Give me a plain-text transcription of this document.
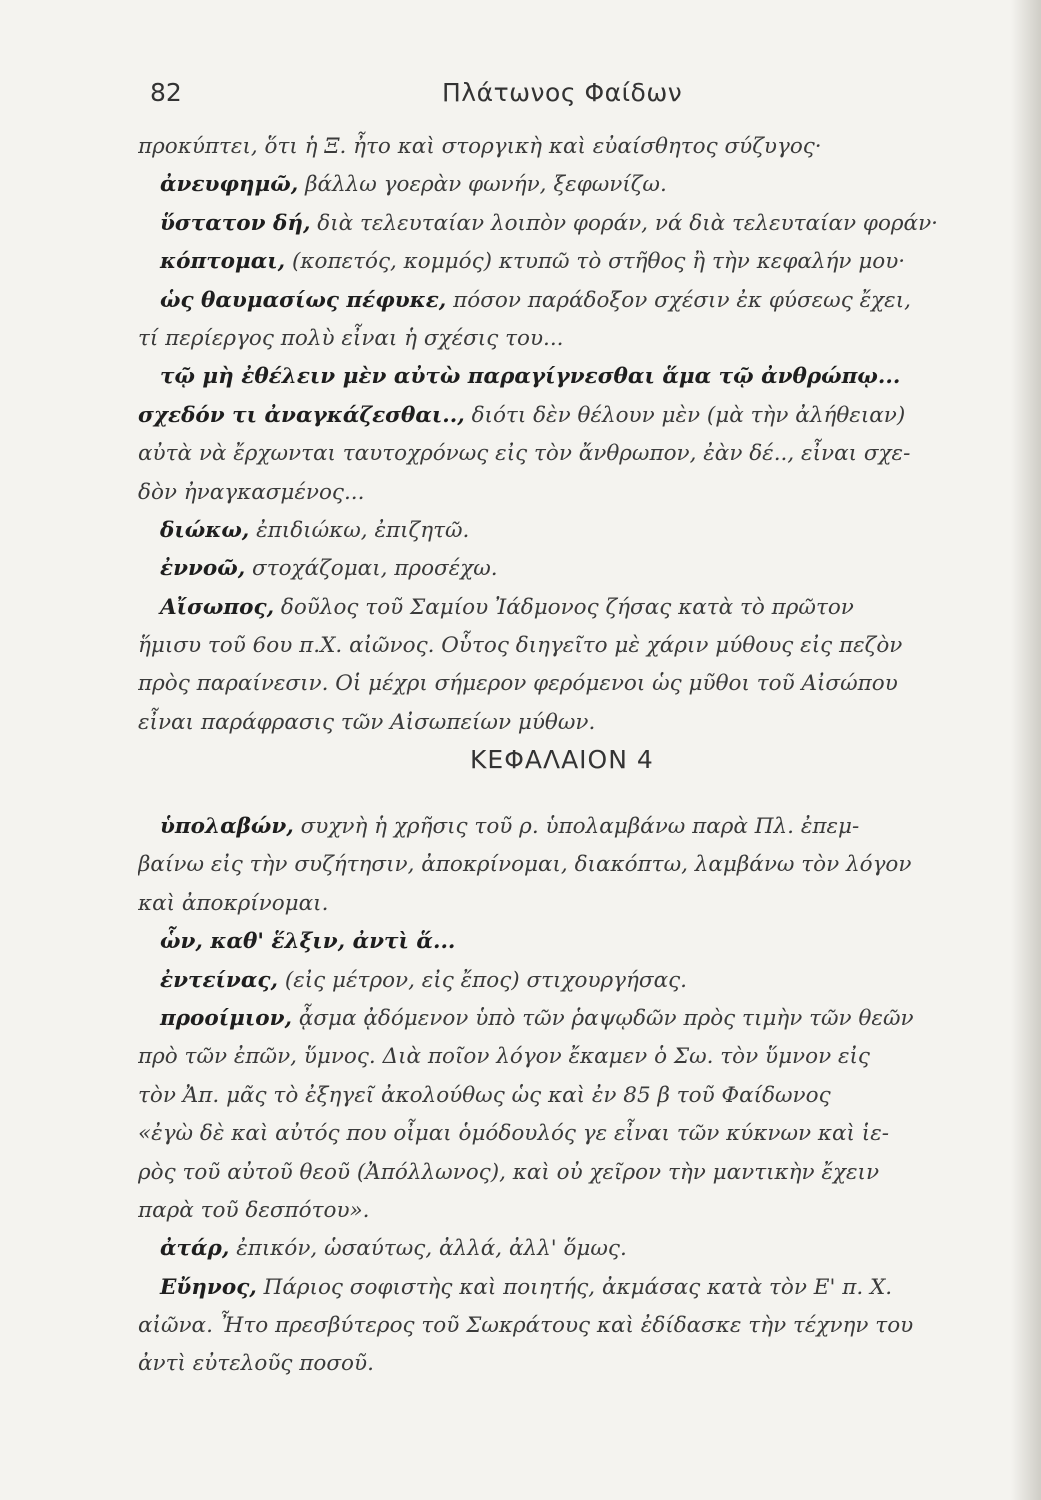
82	Πλάτωνος Φαίδων
προκύπτει, ὅτι ἡ Ξ. ἦτο καὶ στοργικὴ καὶ εὐαίσθητος σύζυγος·
ἀνευφημῶ, βάλλω γοερὰν φωνήν, ξεφωνίζω.
ὕστατον δή, διὰ τελευταίαν λοιπὸν φοράν, νά διὰ τελευταίαν φοράν·
κόπτομαι, (κοπετός, κομμός) κτυπῶ τὸ στῆθος ἢ τὴν κεφαλήν μου·
ὡς θαυμασίως πέφυκε, πόσον παράδοξον σχέσιν ἐκ φύσεως ἔχει,
τί περίεργος πολὺ εἶναι ἡ σχέσις του...
τῷ μὴ ἐθέλειν μὲν αὐτὼ παραγίγνεσθαι ἅμα τῷ ἀνθρώπῳ...
σχεδόν τι ἀναγκάζεσθαι.., διότι δὲν θέλουν μὲν (μὰ τὴν ἀλήθειαν)
αὐτὰ νὰ ἔρχωνται ταυτοχρόνως εἰς τὸν ἄνθρωπον, ἐὰν δέ.., εἶναι σχε-
δὸν ἠναγκασμένος...
διώκω, ἐπιδιώκω, ἐπιζητῶ.
ἐννοῶ, στοχάζομαι, προσέχω.
Αἴσωπος, δοῦλος τοῦ Σαμίου Ἰάδμονος ζήσας κατὰ τὸ πρῶτον
ἥμισυ τοῦ 6ου π.Χ. αἰῶνος. Οὗτος διηγεῖτο μὲ χάριν μύθους εἰς πεζὸν
πρὸς παραίνεσιν. Οἱ μέχρι σήμερον φερόμενοι ὡς μῦθοι τοῦ Αἰσώπου
εἶναι παράφρασις τῶν Αἰσωπείων μύθων.
ΚΕΦΑΛΑΙΟΝ 4
ὑπολαβών, συχνὴ ἡ χρῆσις τοῦ ρ. ὑπολαμβάνω παρὰ Πλ. ἐπεμ-
βαίνω εἰς τὴν συζήτησιν, ἀποκρίνομαι, διακόπτω, λαμβάνω τὸν λόγον
καὶ ἀποκρίνομαι.
ὧν, καθ' ἕλξιν, ἀντὶ ἅ...
ἐντείνας, (εἰς μέτρον, εἰς ἔπος) στιχουργήσας.
προοίμιον, ᾆσμα ᾀδόμενον ὑπὸ τῶν ῥαψῳδῶν πρὸς τιμὴν τῶν θεῶν
πρὸ τῶν ἐπῶν, ὕμνος. Διὰ ποῖον λόγον ἔκαμεν ὁ Σω. τὸν ὕμνον εἰς
τὸν Ἀπ. μᾶς τὸ ἐξηγεῖ ἀκολούθως ὡς καὶ ἐν 85 β τοῦ Φαίδωνος
«ἐγὼ δὲ καὶ αὐτός που οἶμαι ὁμόδουλός γε εἶναι τῶν κύκνων καὶ ἱε-
ρὸς τοῦ αὐτοῦ θεοῦ (Ἀπόλλωνος), καὶ οὐ χεῖρον τὴν μαντικὴν ἔχειν
παρὰ τοῦ δεσπότου».
ἀτάρ, ἐπικόν, ὡσαύτως, ἀλλά, ἀλλ' ὅμως.
Εὔηνος, Πάριος σοφιστὴς καὶ ποιητής, ἀκμάσας κατὰ τὸν Ε' π. Χ.
αἰῶνα. Ἦτο πρεσβύτερος τοῦ Σωκράτους καὶ ἐδίδασκε τὴν τέχνην του
ἀντὶ εὐτελοῦς ποσοῦ.
